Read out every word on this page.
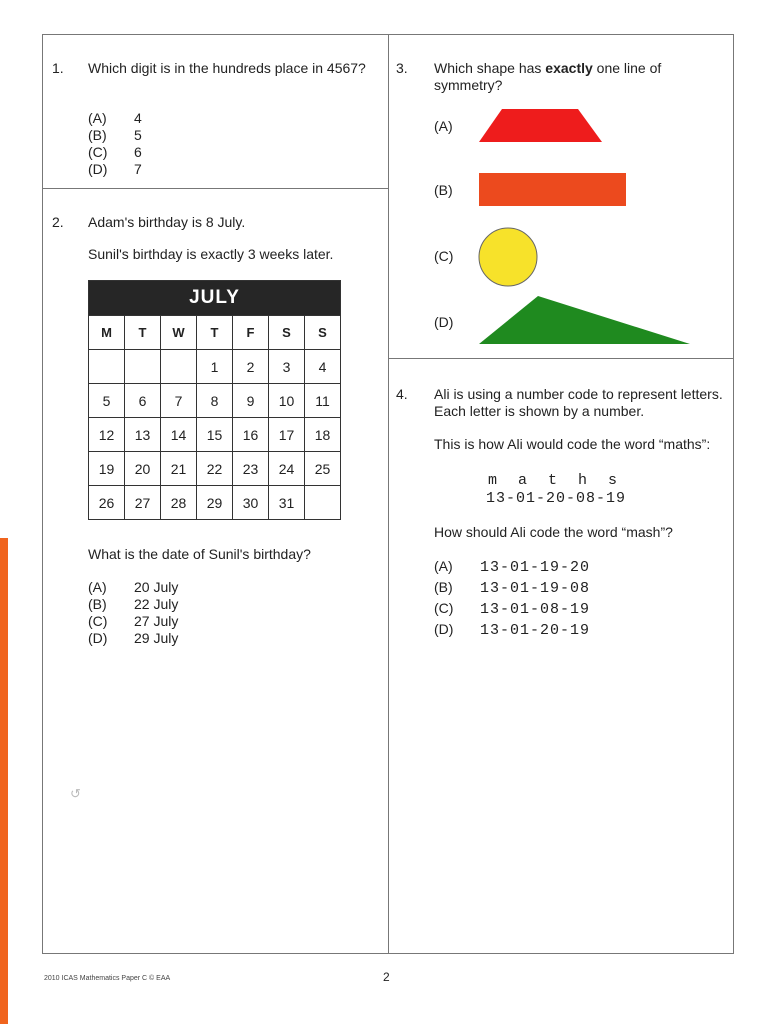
1. Which digit is in the hundreds place in 4567?
(A) 4
(B) 5
(C) 6
(D) 7
2. Adam's birthday is 8 July.
Sunil's birthday is exactly 3 weeks later.
JULY						
M	T	W	T	F	S	S
			1	2	3	4
5	6	7	8	9	10	11
12	13	14	15	16	17	18
19	20	21	22	23	24	25
26	27	28	29	30	31	
What is the date of Sunil's birthday?
(A) 20 July
(B) 22 July
(C) 27 July
(D) 29 July
↺
3. Which shape has exactly one line of symmetry?
(A)
(B)
(C)
(D)
4. Ali is using a number code to represent letters. Each letter is shown by a number.
This is how Ali would code the word “maths”:
m  a  t  h  s
13-01-20-08-19
How should Ali code the word “mash”?
(A) 13-01-19-20
(B) 13-01-19-08
(C) 13-01-08-19
(D) 13-01-20-19
2010 ICAS Mathematics Paper C © EAA	2
